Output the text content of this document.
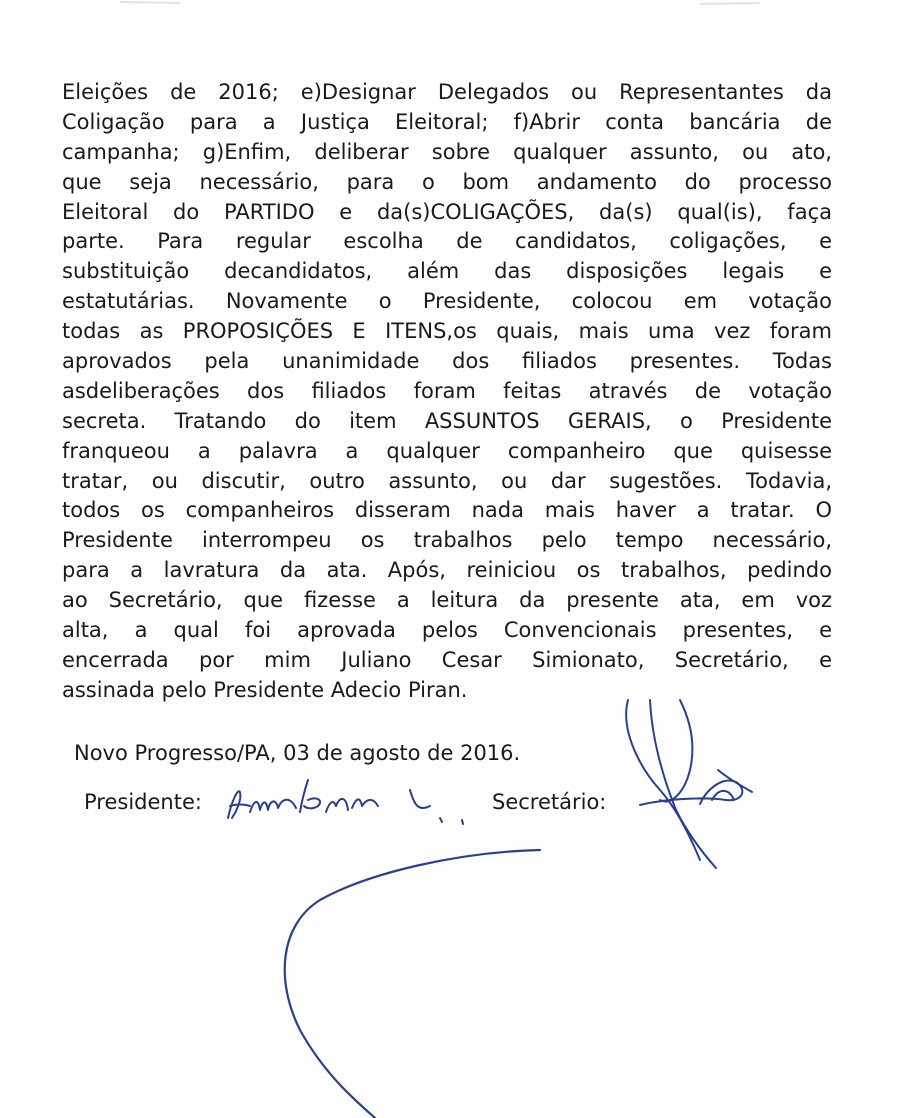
Eleições de 2016; e)Designar Delegados ou Representantes da
Coligação para a Justiça Eleitoral; f)Abrir conta bancária de
campanha; g)Enfim, deliberar sobre qualquer assunto, ou ato,
que seja necessário, para o bom andamento do processo
Eleitoral do PARTIDO e da(s)COLIGAÇÕES, da(s) qual(is), faça
parte. Para regular escolha de candidatos, coligações, e
substituição decandidatos, além das disposições legais e
estatutárias. Novamente o Presidente, colocou em votação
todas as PROPOSIÇÕES E ITENS,os quais, mais uma vez foram
aprovados pela unanimidade dos filiados presentes. Todas
asdeliberações dos filiados foram feitas através de votação
secreta. Tratando do item ASSUNTOS GERAIS, o Presidente
franqueou a palavra a qualquer companheiro que quisesse
tratar, ou discutir, outro assunto, ou dar sugestões. Todavia,
todos os companheiros disseram nada mais haver a tratar. O
Presidente interrompeu os trabalhos pelo tempo necessário,
para a lavratura da ata. Após, reiniciou os trabalhos, pedindo
ao Secretário, que fizesse a leitura da presente ata, em voz
alta, a qual foi aprovada pelos Convencionais presentes, e
encerrada por mim Juliano Cesar Simionato, Secretário, e
assinada pelo Presidente Adecio Piran.
Novo Progresso/PA, 03 de agosto de 2016.
Presidente:	Secretário:
